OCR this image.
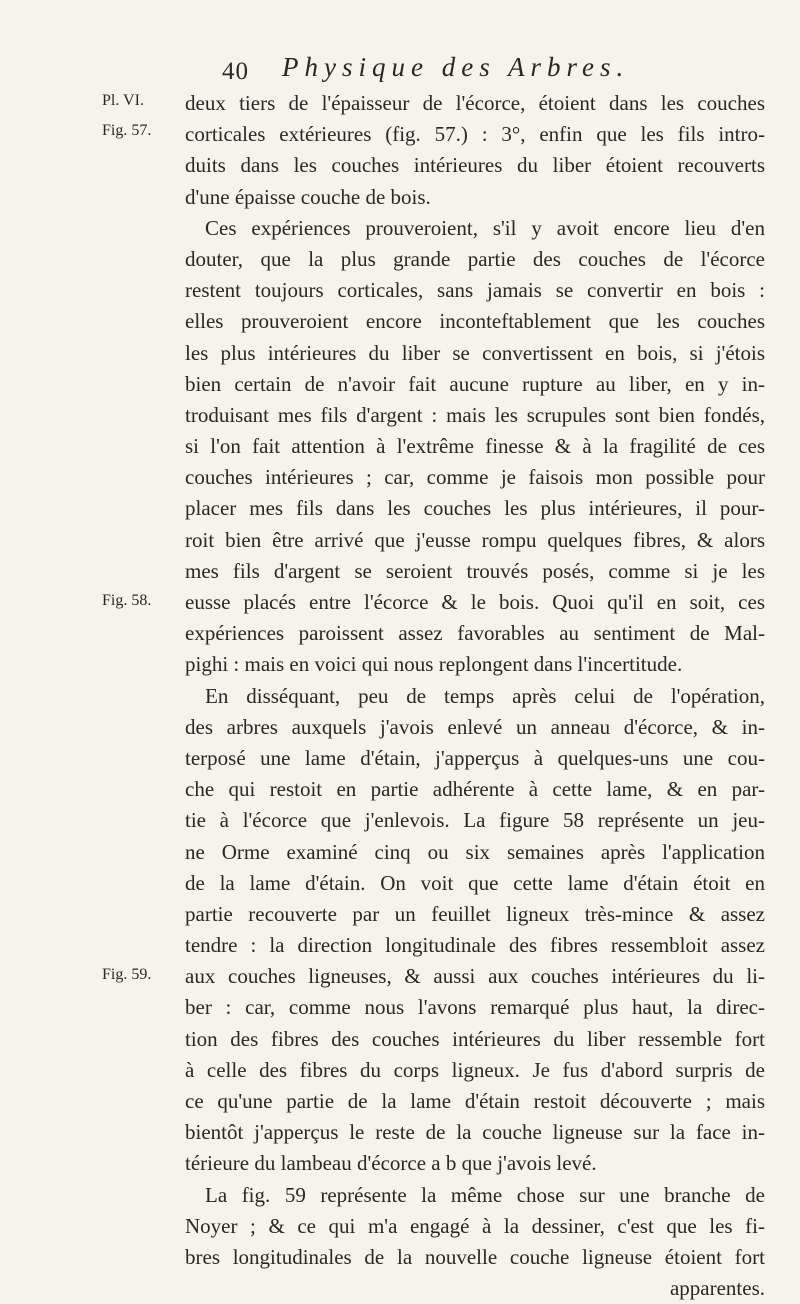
40 Physique des Arbres.
Pl. VI.
Fig. 57.
Fig. 58.
Fig. 59.
deux tiers de l'épaisseur de l'écorce, étoient dans les couches
corticales extérieures (fig. 57.) : 3°, enfin que les fils intro-
duits dans les couches intérieures du liber étoient recouverts
d'une épaisse couche de bois.
Ces expériences prouveroient, s'il y avoit encore lieu d'en
douter, que la plus grande partie des couches de l'écorce
restent toujours corticales, sans jamais se convertir en bois :
elles prouveroient encore inconteftablement que les couches
les plus intérieures du liber se convertissent en bois, si j'étois
bien certain de n'avoir fait aucune rupture au liber, en y in-
troduisant mes fils d'argent : mais les scrupules sont bien fondés,
si l'on fait attention à l'extrême finesse & à la fragilité de ces
couches intérieures ; car, comme je faisois mon possible pour
placer mes fils dans les couches les plus intérieures, il pour-
roit bien être arrivé que j'eusse rompu quelques fibres, & alors
mes fils d'argent se seroient trouvés posés, comme si je les
eusse placés entre l'écorce & le bois. Quoi qu'il en soit, ces
expériences paroissent assez favorables au sentiment de Mal-
pighi : mais en voici qui nous replongent dans l'incertitude.
En disséquant, peu de temps après celui de l'opération,
des arbres auxquels j'avois enlevé un anneau d'écorce, & in-
terposé une lame d'étain, j'apperçus à quelques-uns une cou-
che qui restoit en partie adhérente à cette lame, & en par-
tie à l'écorce que j'enlevois. La figure 58 représente un jeu-
ne Orme examiné cinq ou six semaines après l'application
de la lame d'étain. On voit que cette lame d'étain étoit en
partie recouverte par un feuillet ligneux très-mince & assez
tendre : la direction longitudinale des fibres ressembloit assez
aux couches ligneuses, & aussi aux couches intérieures du li-
ber : car, comme nous l'avons remarqué plus haut, la direc-
tion des fibres des couches intérieures du liber ressemble fort
à celle des fibres du corps ligneux. Je fus d'abord surpris de
ce qu'une partie de la lame d'étain restoit découverte ; mais
bientôt j'apperçus le reste de la couche ligneuse sur la face in-
térieure du lambeau d'écorce a b que j'avois levé.
La fig. 59 représente la même chose sur une branche de
Noyer ; & ce qui m'a engagé à la dessiner, c'est que les fi-
bres longitudinales de la nouvelle couche ligneuse étoient fort
apparentes.
